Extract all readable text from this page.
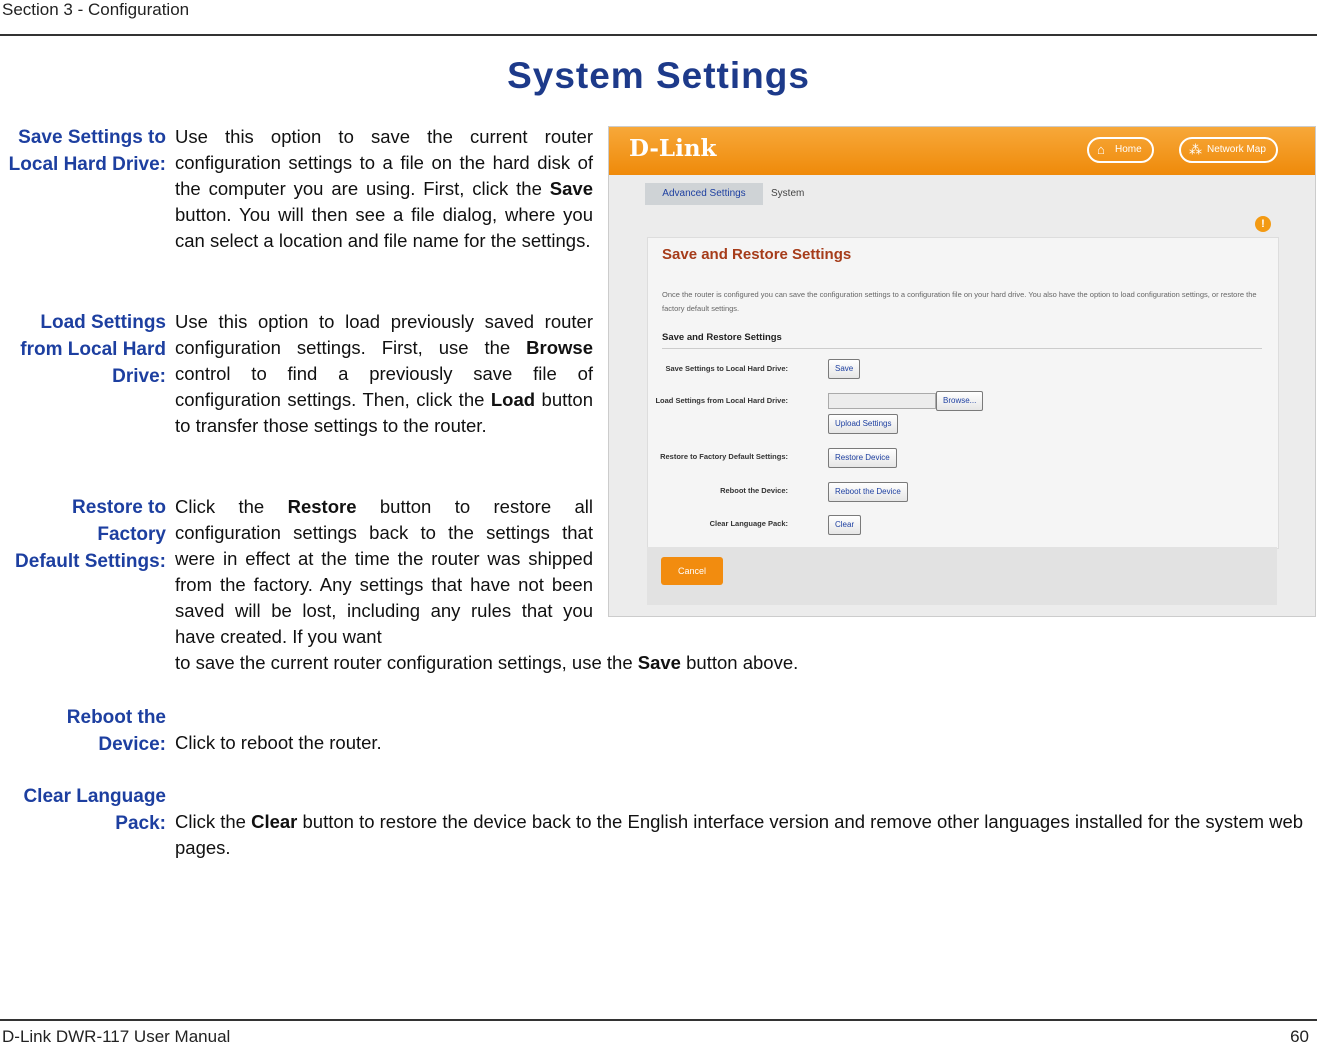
Section 3 - Configuration
System Settings
Save Settings to
Local Hard Drive:
Use this option to save the current router configuration settings to a file on the hard disk of the computer you are using. First, click the Save button. You will then see a file dialog, where you can select a location and file name for the settings.
Load Settings
from Local Hard
Drive:
Use this option to load previously saved router configuration settings. First, use the Browse control to find a previously save file of configuration settings. Then, click the Load button to transfer those settings to the router.
Restore to Factory
Default Settings:
Click the Restore button to restore all configuration settings back to the settings that were in effect at the time the router was shipped from the factory. Any settings that have not been saved will be lost, including any rules that you have created. If you want
to save the current router configuration settings, use the Save button above.
Reboot the
Device: Click to reboot the router.
Clear Language
Pack: Click the Clear button to restore the device back to the English interface version and remove other languages installed for the system web pages.
D-Link	⌂ Home	⁂ Network Map
Advanced Settings	System
!
Save and Restore Settings
Once the router is configured you can save the configuration settings to a configuration file on your hard drive. You also have the option to load configuration settings, or restore the factory default settings.
Save and Restore Settings
Save Settings to Local Hard Drive:	Save
Load Settings from Local Hard Drive:	Browse...
Upload Settings
Restore to Factory Default Settings:	Restore Device
Reboot the Device:	Reboot the Device
Clear Language Pack:	Clear
Cancel
D-Link DWR-117 User Manual	60
